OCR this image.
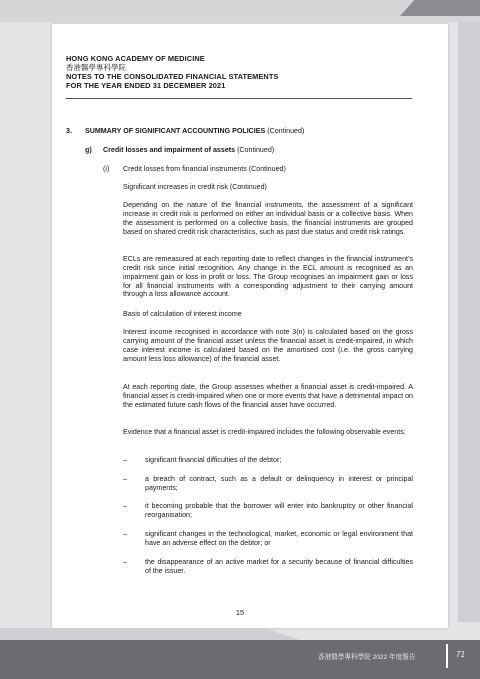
HONG KONG ACADEMY OF MEDICINE
香港醫學專科學院
NOTES TO THE CONSOLIDATED FINANCIAL STATEMENTS
FOR THE YEAR ENDED 31 DECEMBER 2021
3. SUMMARY OF SIGNIFICANT ACCOUNTING POLICIES (Continued)
g) Credit losses and impairment of assets (Continued)
(i) Credit losses from financial instruments (Continued)
Significant increases in credit risk (Continued)
Depending on the nature of the financial instruments, the assessment of a significant increase in credit risk is performed on either an individual basis or a collective basis. When the assessment is performed on a collective basis, the financial instruments are grouped based on shared credit risk characteristics, such as past due status and credit risk ratings.
ECLs are remeasured at each reporting date to reflect changes in the financial instrument’s credit risk since initial recognition. Any change in the ECL amount is recognised as an impairment gain or loss in profit or loss. The Group recognises an impairment gain or loss for all financial instruments with a corresponding adjustment to their carrying amount through a loss allowance account.
Basis of calculation of interest income
Interest income recognised in accordance with note 3(n) is calculated based on the gross carrying amount of the financial asset unless the financial asset is credit-impaired, in which case interest income is calculated based on the amortised cost (i.e. the gross carrying amount less loss allowance) of the financial asset.
At each reporting date, the Group assesses whether a financial asset is credit-impaired. A financial asset is credit-impaired when one or more events that have a detrimental impact on the estimated future cash flows of the financial asset have occurred.
Evidence that a financial asset is credit-impaired includes the following observable events:
–	significant financial difficulties of the debtor;
–	a breach of contract, such as a default or delinquency in interest or principal payments;
–	it becoming probable that the borrower will enter into bankruptcy or other financial reorganisation;
–	significant changes in the technological, market, economic or legal environment that have an adverse effect on the debtor; or
–	the disappearance of an active market for a security because of financial difficulties of the issuer.
15
香港醫學專科學院 2022 年度報告	71
